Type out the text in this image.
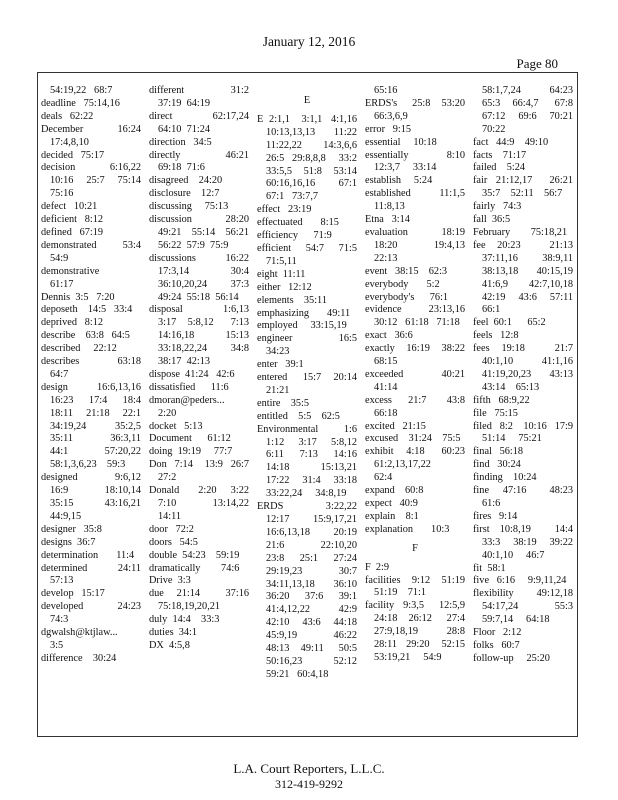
January 12, 2016
Page 80
54:19,22   68:7
deadline   75:14,16
deals   62:22
December      16:24
17:4,8,10
decided   75:17
decision   6:16,22
10:16  25:7  75:14
75:16
defect   10:21
deficient   8:12
defined   67:19
demonstrated      53:4
54:9
demonstrative
61:17
Dennis  3:5   7:20
deposeth    14:5   33:4
deprived   8:12
describe    63:8   64:5
described     22:12
describes    63:18
64:7
design  16:6,13,16
16:23  17:4  18:4
18:11  21:18  22:1
34:19,24   35:2,5
35:11  36:3,11
44:1  57:20,22
58:1,3,6,23    59:3
designed   9:6,12
16:9  18:10,14
35:15  43:16,21
44:9,15
designer   35:8
designs  36:7
determination       11:4
determined      24:11
57:13
develop   15:17
developed      24:23
74:3
dgwalsh@ktjlaw...
3:5
difference    30:24
different   31:2
37:19  64:19
direct  62:17,24
64:10  71:24
direction   34:5
directly    46:21
69:18  71:6
disagreed    24:20
disclosure    12:7
discussing     75:13
discussion     28:20
49:21  55:14  56:21
56:22  57:9  75:9
discussions     16:22
17:3,14   30:4
36:10,20,24    37:3
49:24  55:18  56:14
disposal  1:6,13
3:17  5:8,12   7:13
14:16,18    15:13
33:18,22,24     34:8
38:17  42:13
dispose  41:24   42:6
dissatisfied      11:6
dmoran@peders...
2:20
docket   5:13
Document      61:12
doing  19:19     77:7
Don  7:14   13:9  26:7
27:2
Donald    2:20   3:22
7:10  13:14,22
14:11
door   72:2
doors   54:5
double  54:23    59:19
dramatically        74:6
Drive  3:3
due  21:14    37:16
75:18,19,20,21
duly  14:4    33:3
duties  34:1
DX  4:5,8
E
E  2:1,1    3:1,1   4:1,16
10:13,13,13      11:22
11:22,22      14:3,6,6
26:5   29:8,8,8     33:2
33:5,5    51:8    53:14
60:16,16,16       67:1
67:1   73:7,7
effect   23:19
effectuated       8:15
efficiency      71:9
efficient    54:7    71:5
71:5,11
eight  11:11
either   12:12
elements    35:11
emphasizing       49:11
employed     33:15,19
engineer      16:5
34:23
enter   39:1
entered     15:7    20:14
21:21
entire    35:5
entitled    5:5    62:5
Environmental        1:6
1:12   3:17   5:8,12
6:11   7:13   14:16
14:18     15:13,21
17:22   31:4   33:18
33:22,24     34:8,19
ERDS   3:22,22
12:17   15:9,17,21
16:6,13,18      20:19
21:6   22:10,20
23:8   25:1   27:24
29:19,23      30:7
34:11,13,18      36:10
36:20   37:6   39:1
41:4,12,22      42:9
42:10   43:6   44:18
45:9,19      46:22
48:13   49:11    50:5
50:16,23      52:12
59:21   60:4,18
65:16
ERDS's    25:8   53:20
66:3,6,9
error   9:15
essential     10:18
essentially      8:10
12:3,7     33:14
establish     5:24
established      11:1,5
11:8,13
Etna   3:14
evaluation      18:19
18:20   19:4,13
22:13
event   38:15    62:3
everybody       5:2
everybody's      76:1
evidence    23:13,16
30:12   61:18   71:18
exact   36:6
exactly    16:19    38:22
68:15
exceeded       40:21
41:14
excess    21:7     43:8
66:18
excited   21:15
excused    31:24    75:5
exhibit   4:18    60:23
61:2,13,17,22
62:4
expand    60:8
expect   40:9
explain    8:1
explanation       10:3
F
F  2:9
facilities    9:12    51:19
51:19    71:1
facility   9:3,5     12:5,9
24:18   26:12    27:4
27:9,18,19       28:8
28:11   29:20    52:15
53:19,21     54:9
58:1,7,24     64:23
65:3   66:4,7    67:8
67:12   69:6   70:21
70:22
fact   44:9    49:10
facts    71:17
failed    5:24
fair   21:12,17      26:21
35:7    52:11    56:7
fairly   74:3
fall  36:5
February        75:18,21
fee  20:23     21:13
37:11,16     38:9,11
38:13,18      40:15,19
41:6,9    42:7,10,18
42:19   43:6   57:11
66:1
feel  60:1      65:2
feels   12:8
fees  19:18     21:7
40:1,10     41:1,16
41:19,20,23       43:13
43:14    65:13
fifth   68:9,22
file   75:15
filed   8:2    10:16   17:9
51:14     75:21
final   56:18
find   30:24
finding    10:24
fine   47:16     48:23
61:6
fires   9:14
first   10:8,19       14:4
33:3    38:19    39:22
40:1,10     46:7
fit  58:1
five   6:16     9:9,11,24
flexibility      49:12,18
54:17,24      55:3
59:7,14     64:18
Floor   2:12
folks   60:7
follow-up     25:20
L.A. Court Reporters, L.L.C.
312-419-9292
